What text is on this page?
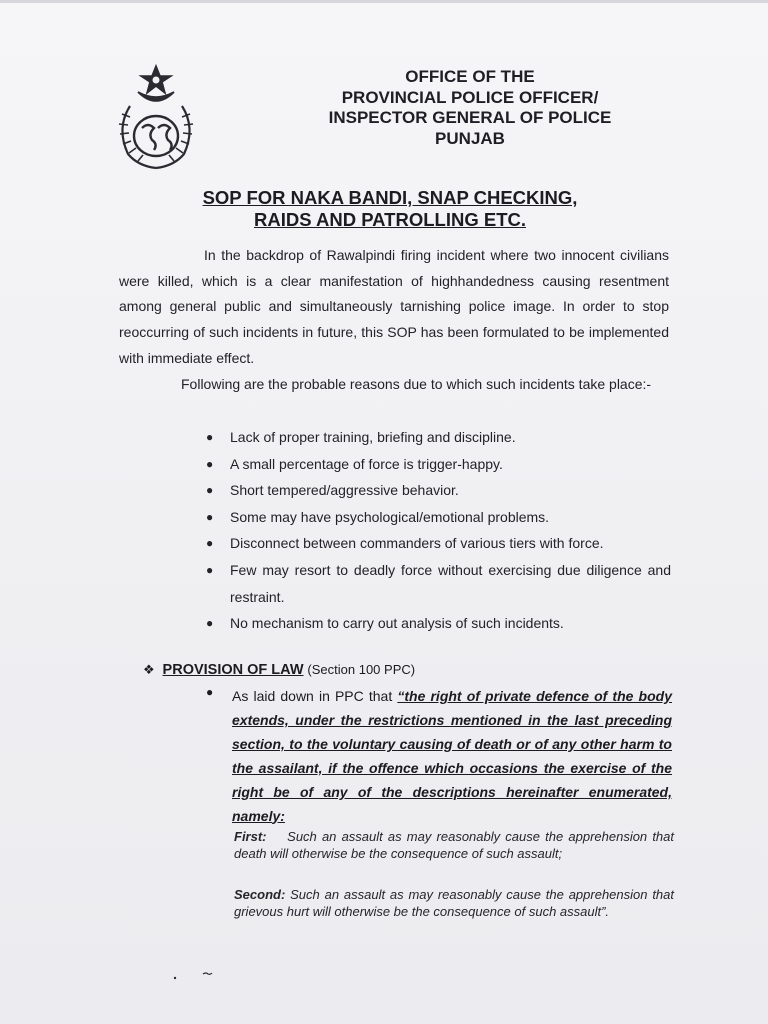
OFFICE OF THE
PROVINCIAL POLICE OFFICER/
INSPECTOR GENERAL OF POLICE
PUNJAB
SOP FOR NAKA BANDI, SNAP CHECKING,
RAIDS AND PATROLLING ETC.
In the backdrop of Rawalpindi firing incident where two innocent civilians were killed, which is a clear manifestation of highhandedness causing resentment among general public and simultaneously tarnishing police image. In order to stop reoccurring of such incidents in future, this SOP has been formulated to be implemented with immediate effect.
Following are the probable reasons due to which such incidents take place:-
● Lack of proper training, briefing and discipline.
● A small percentage of force is trigger-happy.
● Short tempered/aggressive behavior.
● Some may have psychological/emotional problems.
● Disconnect between commanders of various tiers with force.
● Few may resort to deadly force without exercising due diligence and restraint.
● No mechanism to carry out analysis of such incidents.
❖ PROVISION OF LAW (Section 100 PPC)
● As laid down in PPC that “the right of private defence of the body extends, under the restrictions mentioned in the last preceding section, to the voluntary causing of death or of any other harm to the assailant, if the offence which occasions the exercise of the right be of any of the descriptions hereinafter enumerated, namely:
First: Such an assault as may reasonably cause the apprehension that death will otherwise be the consequence of such assault;
Second: Such an assault as may reasonably cause the apprehension that grievous hurt will otherwise be the consequence of such assault”.
